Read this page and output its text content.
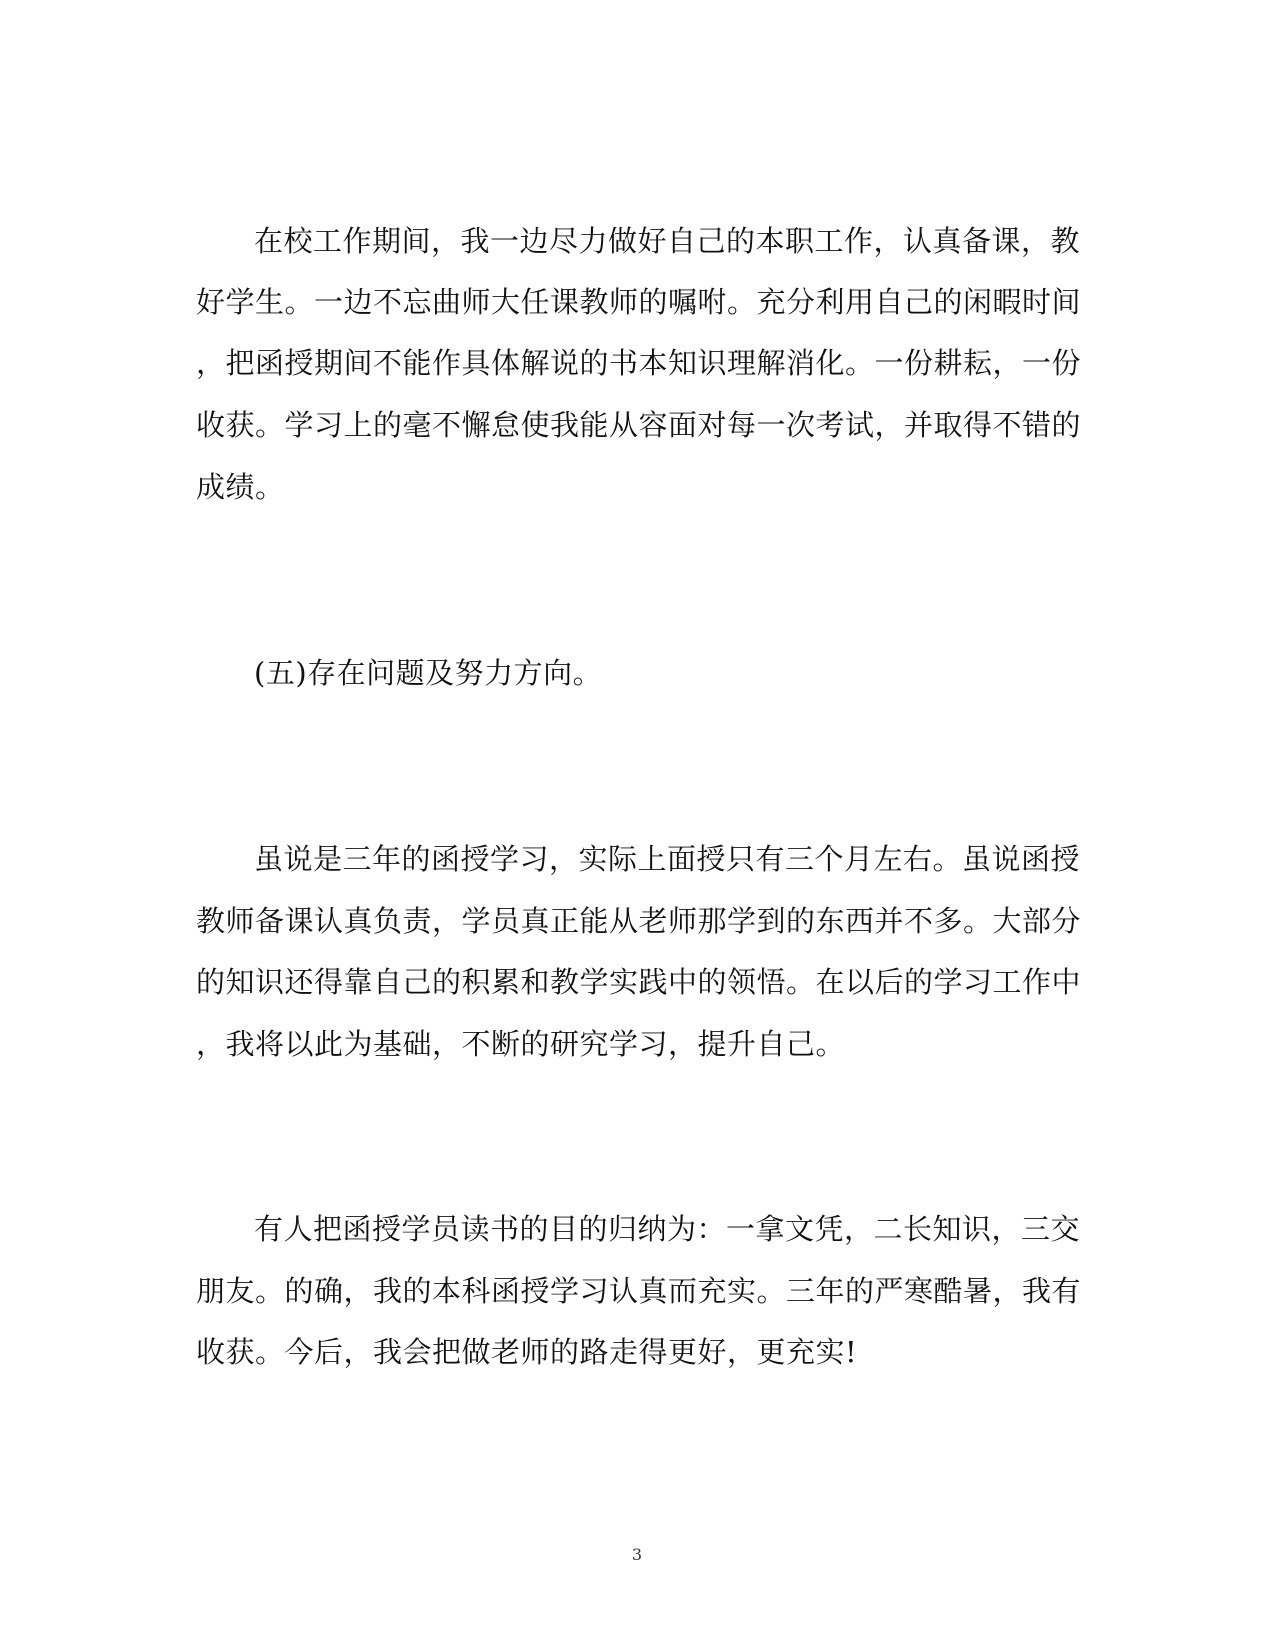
在校工作期间，我一边尽力做好自己的本职工作，认真备课，教

好学生。一边不忘曲师大任课教师的嘱咐。充分利用自己的闲暇时间

，把函授期间不能作具体解说的书本知识理解消化。一份耕耘，一份

收获。学习上的毫不懈怠使我能从容面对每一次考试，并取得不错的

成绩。

(五)存在问题及努力方向。

虽说是三年的函授学习，实际上面授只有三个月左右。虽说函授

教师备课认真负责，学员真正能从老师那学到的东西并不多。大部分

的知识还得靠自己的积累和教学实践中的领悟。在以后的学习工作中

，我将以此为基础，不断的研究学习，提升自己。

有人把函授学员读书的目的归纳为：一拿文凭，二长知识，三交

朋友。的确，我的本科函授学习认真而充实。三年的严寒酷暑，我有

收获。今后，我会把做老师的路走得更好，更充实!

3
